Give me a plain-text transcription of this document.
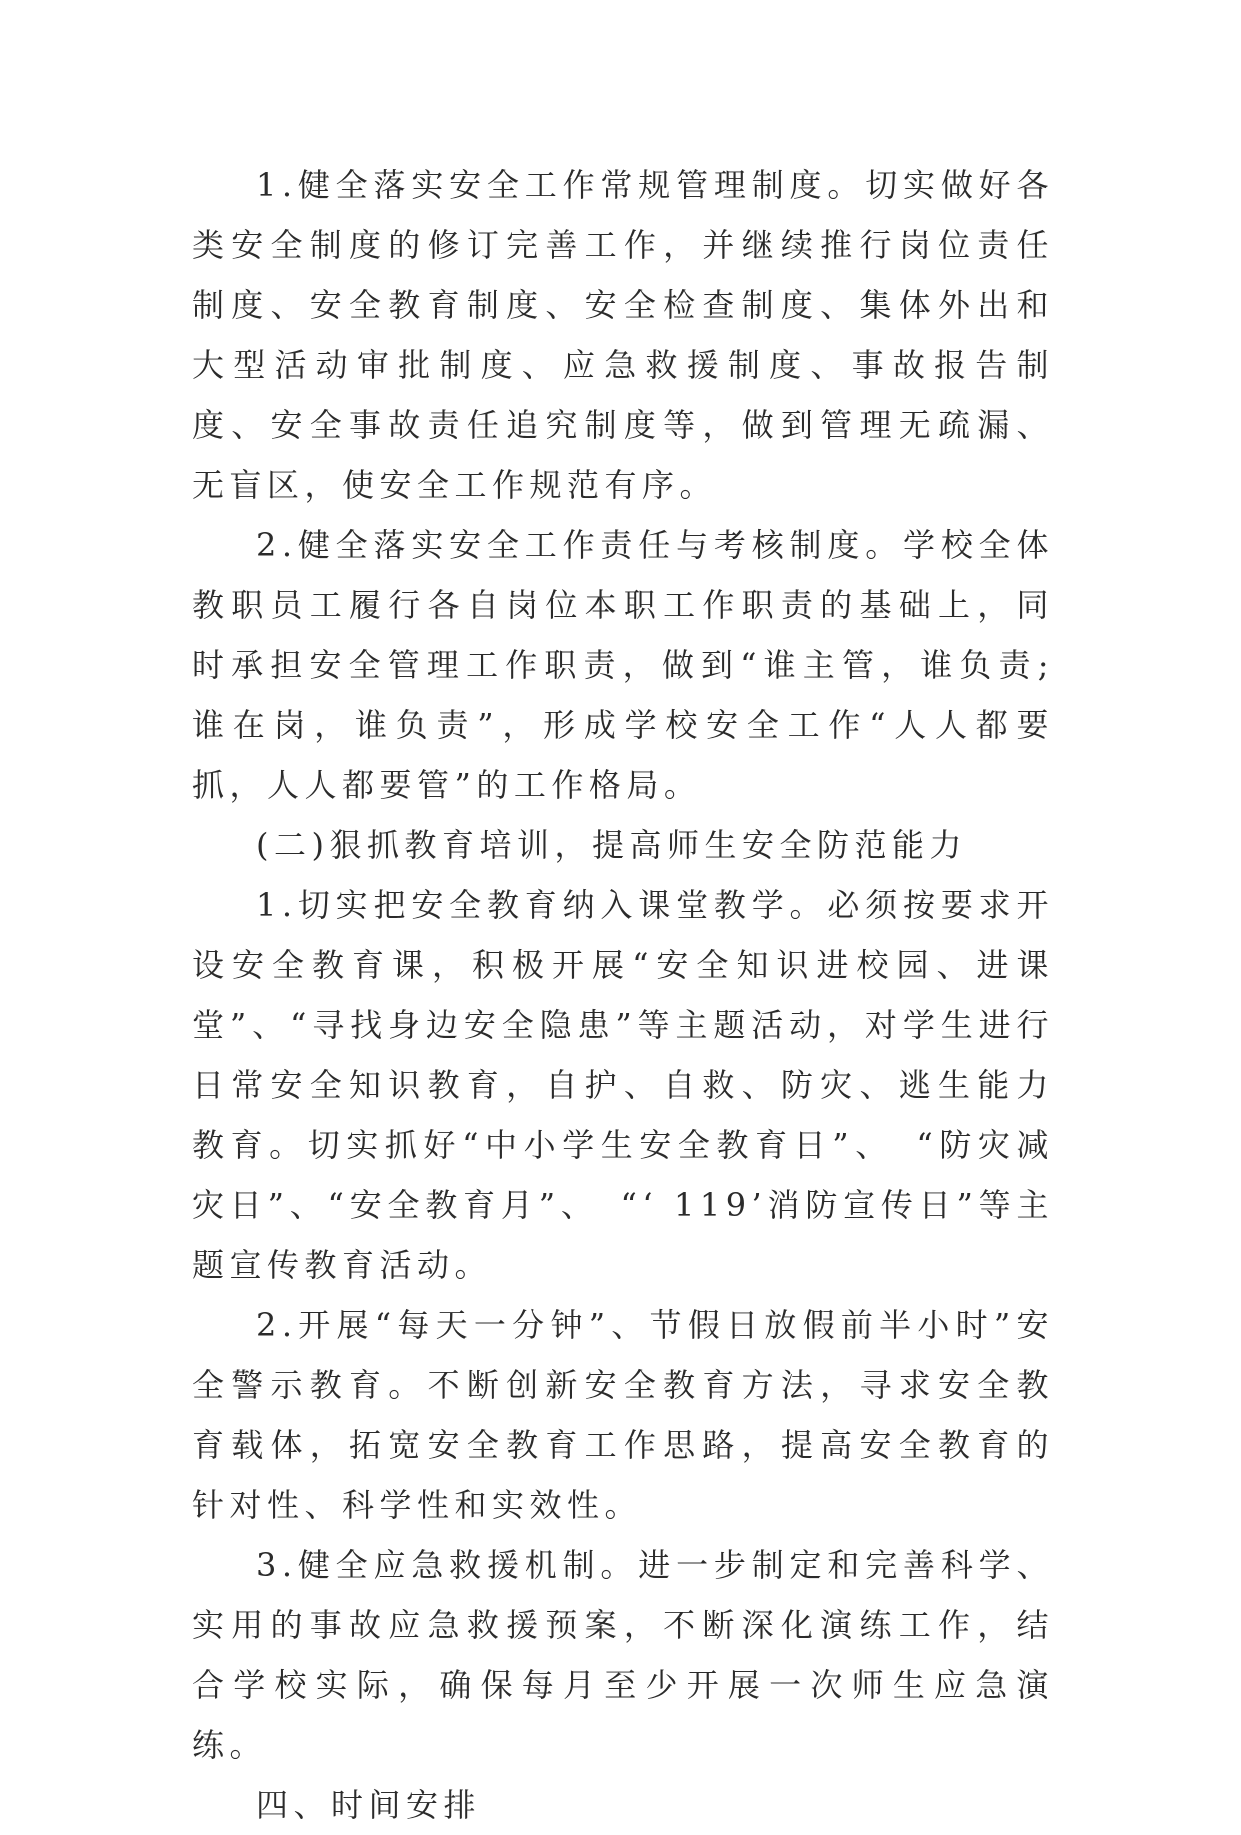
1.健全落实安全工作常规管理制度。切实做好各类安全制度的修订完善工作，并继续推行岗位责任制度、安全教育制度、安全检查制度、集体外出和大型活动审批制度、应急救援制度、事故报告制度、安全事故责任追究制度等，做到管理无疏漏、无盲区，使安全工作规范有序。

2.健全落实安全工作责任与考核制度。学校全体教职员工履行各自岗位本职工作职责的基础上，同时承担安全管理工作职责，做到“谁主管，谁负责;谁在岗，谁负责”，形成学校安全工作“人人都要抓，人人都要管”的工作格局。

(二)狠抓教育培训，提高师生安全防范能力

1.切实把安全教育纳入课堂教学。必须按要求开设安全教育课，积极开展“安全知识进校园、进课堂”、“寻找身边安全隐患”等主题活动，对学生进行日常安全知识教育，自护、自救、防灾、逃生能力教育。切实抓好“中小学生安全教育日”、　“防灾减灾日”、“安全教育月”、　“‘ 119’消防宣传日”等主题宣传教育活动。

2.开展“每天一分钟”、节假日放假前半小时”安全警示教育。不断创新安全教育方法，寻求安全教育载体，拓宽安全教育工作思路，提高安全教育的针对性、科学性和实效性。

3.健全应急救援机制。进一步制定和完善科学、实用的事故应急救援预案，不断深化演练工作，结合学校实际，确保每月至少开展一次师生应急演练。

四、时间安排
